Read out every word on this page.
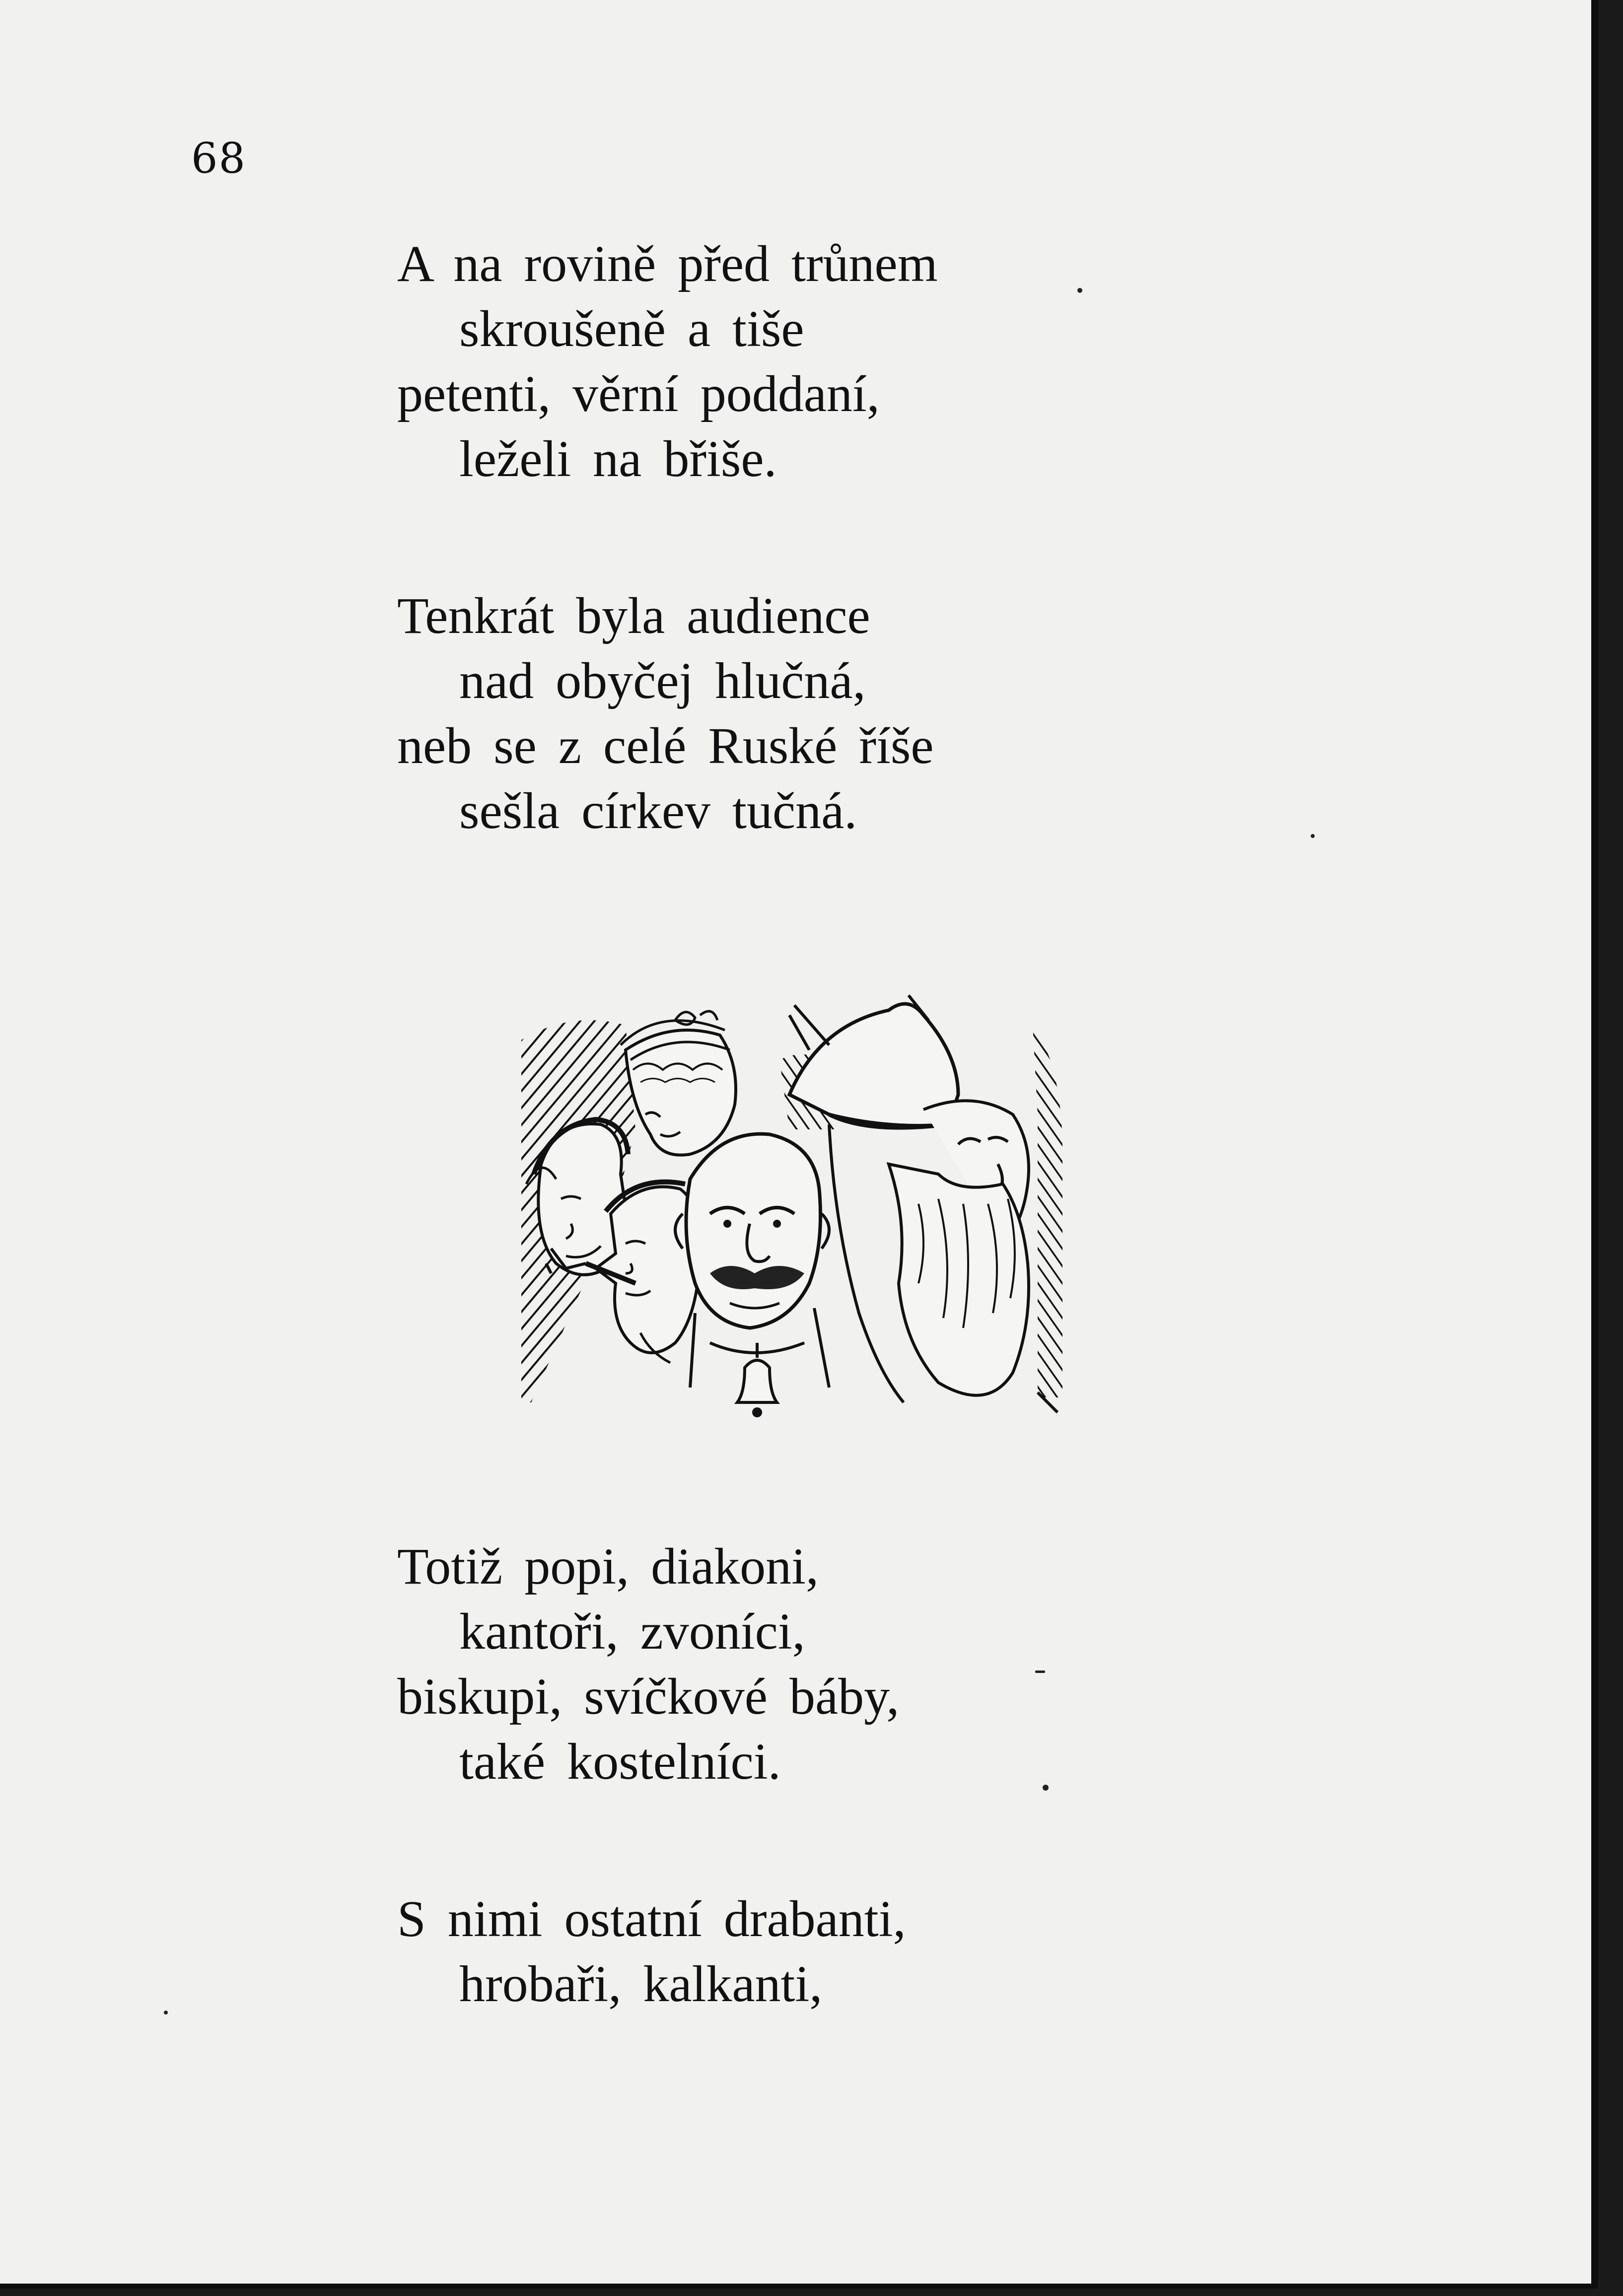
68
A na rovině před trůnem
skroušeně a tiše
petenti, věrní poddaní,
leželi na břiše.
Tenkrát byla audience
nad obyčej hlučná,
neb se z celé Ruské říše
sešla církev tučná.
Totiž popi, diakoni,
kantoři, zvoníci,
biskupi, svíčkové báby,
také kostelníci.
S nimi ostatní drabanti,
hrobaři, kalkanti,
